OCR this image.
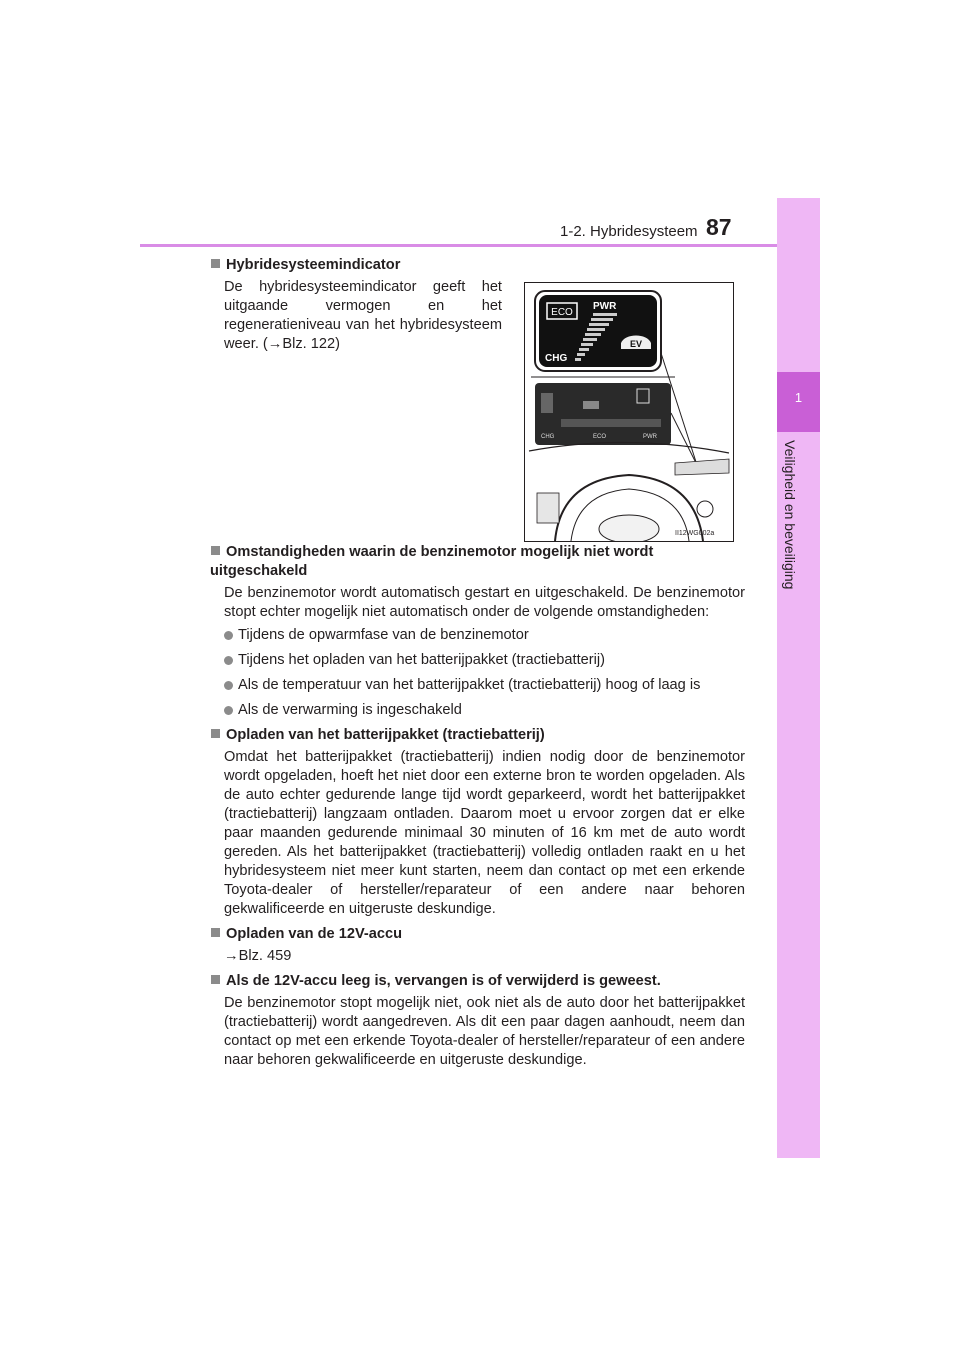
1-2. Hybridesysteem 87
1
Veiligheid en beveiliging
ECO
PWR
CHG
EV
CHG	ECO	PWR
II12WG002a

Hybridesysteemindicator

De hybridesysteemindicator geeft het uitgaande vermogen en het regeneratieniveau van het hybridesysteem weer. (→Blz. 122)

Omstandigheden waarin de benzinemotor mogelijk niet wordt uitgeschakeld

De benzinemotor wordt automatisch gestart en uitgeschakeld. De benzinemotor stopt echter mogelijk niet automatisch onder de volgende omstandigheden:

Tijdens de opwarmfase van de benzinemotor
Tijdens het opladen van het batterijpakket (tractiebatterij)
Als de temperatuur van het batterijpakket (tractiebatterij) hoog of laag is
Als de verwarming is ingeschakeld

Opladen van het batterijpakket (tractiebatterij)

Omdat het batterijpakket (tractiebatterij) indien nodig door de benzinemotor wordt opgeladen, hoeft het niet door een externe bron te worden opgeladen. Als de auto echter gedurende lange tijd wordt geparkeerd, wordt het batterijpakket (tractiebatterij) langzaam ontladen. Daarom moet u ervoor zorgen dat er elke paar maanden gedurende minimaal 30 minuten of 16 km met de auto wordt gereden. Als het batterijpakket (tractiebatterij) volledig ontladen raakt en u het hybridesysteem niet meer kunt starten, neem dan contact op met een erkende Toyota-dealer of hersteller/reparateur of een andere naar behoren gekwalificeerde en uitgeruste deskundige.

Opladen van de 12V-accu

→Blz. 459

Als de 12V-accu leeg is, vervangen is of verwijderd is geweest.

De benzinemotor stopt mogelijk niet, ook niet als de auto door het batterijpakket (tractiebatterij) wordt aangedreven. Als dit een paar dagen aanhoudt, neem dan contact op met een erkende Toyota-dealer of hersteller/reparateur of een andere naar behoren gekwalificeerde en uitgeruste deskundige.
